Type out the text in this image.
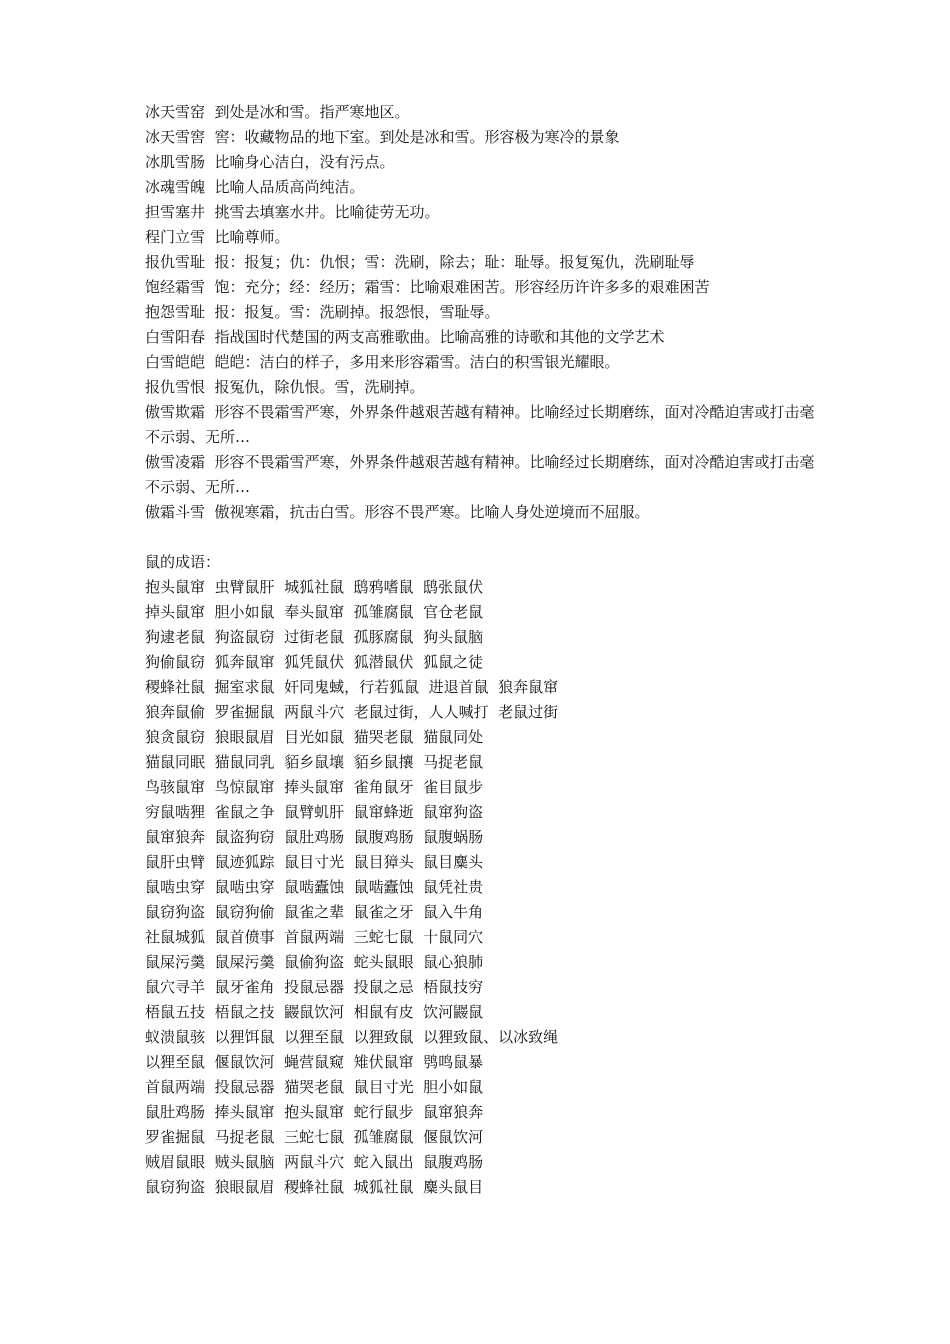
冰天雪窑  到处是冰和雪。指严寒地区。

冰天雪窖  窖：收藏物品的地下室。到处是冰和雪。形容极为寒冷的景象

冰肌雪肠  比喻身心洁白，没有污点。

冰魂雪魄  比喻人品质高尚纯洁。

担雪塞井  挑雪去填塞水井。比喻徒劳无功。

程门立雪  比喻尊师。

报仇雪耻  报：报复；仇：仇恨；雪：洗刷，除去；耻：耻辱。报复冤仇，洗刷耻辱

饱经霜雪  饱：充分；经：经历；霜雪：比喻艰难困苦。形容经历许许多多的艰难困苦

抱怨雪耻  报：报复。雪：洗刷掉。报怨恨，雪耻辱。

白雪阳春  指战国时代楚国的两支高雅歌曲。比喻高雅的诗歌和其他的文学艺术

白雪皑皑  皑皑：洁白的样子，多用来形容霜雪。洁白的积雪银光耀眼。

报仇雪恨  报冤仇，除仇恨。雪，洗刷掉。

傲雪欺霜  形容不畏霜雪严寒，外界条件越艰苦越有精神。比喻经过长期磨练，面对冷酷迫害或打击毫不示弱、无所…

傲雪凌霜  形容不畏霜雪严寒，外界条件越艰苦越有精神。比喻经过长期磨练，面对冷酷迫害或打击毫不示弱、无所…

傲霜斗雪  傲视寒霜，抗击白雪。形容不畏严寒。比喻人身处逆境而不屈服。

鼠的成语：

抱头鼠窜  虫臂鼠肝  城狐社鼠  鸱鸦嗜鼠  鸱张鼠伏

掉头鼠窜  胆小如鼠  奉头鼠窜  孤雏腐鼠  官仓老鼠

狗逮老鼠  狗盗鼠窃  过街老鼠  孤豚腐鼠  狗头鼠脑

狗偷鼠窃  狐奔鼠窜  狐凭鼠伏  狐潜鼠伏  狐鼠之徒

稷蜂社鼠  掘室求鼠  奸同鬼蜮，行若狐鼠  进退首鼠  狼奔鼠窜

狼奔鼠偷  罗雀掘鼠  两鼠斗穴  老鼠过街，人人喊打  老鼠过街

狼贪鼠窃  狼眼鼠眉  目光如鼠  猫哭老鼠  猫鼠同处

猫鼠同眠  猫鼠同乳  貊乡鼠壤  貊乡鼠攘  马捉老鼠

鸟骇鼠窜  鸟惊鼠窜  捧头鼠窜  雀角鼠牙  雀目鼠步

穷鼠啮狸  雀鼠之争  鼠臂虮肝  鼠窜蜂逝  鼠窜狗盗

鼠窜狼奔  鼠盗狗窃  鼠肚鸡肠  鼠腹鸡肠  鼠腹蜗肠

鼠肝虫臂  鼠迹狐踪  鼠目寸光  鼠目獐头  鼠目麋头

鼠啮虫穿  鼠啮虫穿  鼠啮蠹蚀  鼠啮蠹蚀  鼠凭社贵

鼠窃狗盗  鼠窃狗偷  鼠雀之辈  鼠雀之牙  鼠入牛角

社鼠城狐  鼠首偾事  首鼠两端  三蛇七鼠  十鼠同穴

鼠屎污羹  鼠屎污羹  鼠偷狗盗  蛇头鼠眼  鼠心狼肺

鼠穴寻羊  鼠牙雀角  投鼠忌器  投鼠之忌  梧鼠技穷

梧鼠五技  梧鼠之技  鼹鼠饮河  相鼠有皮  饮河鼹鼠

蚁溃鼠骇  以狸饵鼠  以狸至鼠  以狸致鼠  以狸致鼠、以冰致绳

以狸至鼠  偃鼠饮河  蝇营鼠窥  雉伏鼠窜  鸮鸣鼠暴

首鼠两端  投鼠忌器  猫哭老鼠  鼠目寸光  胆小如鼠

鼠肚鸡肠  捧头鼠窜  抱头鼠窜  蛇行鼠步  鼠窜狼奔

罗雀掘鼠  马捉老鼠  三蛇七鼠  孤雏腐鼠  偃鼠饮河

贼眉鼠眼  贼头鼠脑  两鼠斗穴  蛇入鼠出  鼠腹鸡肠

鼠窃狗盗  狼眼鼠眉  稷蜂社鼠  城狐社鼠  麋头鼠目
